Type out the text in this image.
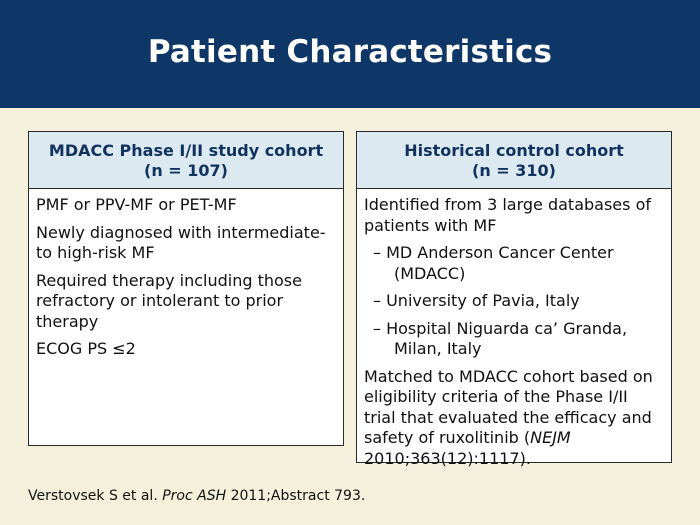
Patient Characteristics
MDACC Phase I/II study cohort
(n = 107)
PMF or PPV-MF or PET-MF
Newly diagnosed with intermediate- to high-risk MF
Required therapy including those refractory or intolerant to prior therapy
ECOG PS ≤2
Historical control cohort
(n = 310)
Identified from 3 large databases of patients with MF
– MD Anderson Cancer Center (MDACC)
– University of Pavia, Italy
– Hospital Niguarda ca’ Granda, Milan, Italy
Matched to MDACC cohort based on eligibility criteria of the Phase I/II trial that evaluated the efficacy and safety of ruxolitinib (NEJM 2010;363(12):1117).
Verstovsek S et al. Proc ASH 2011;Abstract 793.
